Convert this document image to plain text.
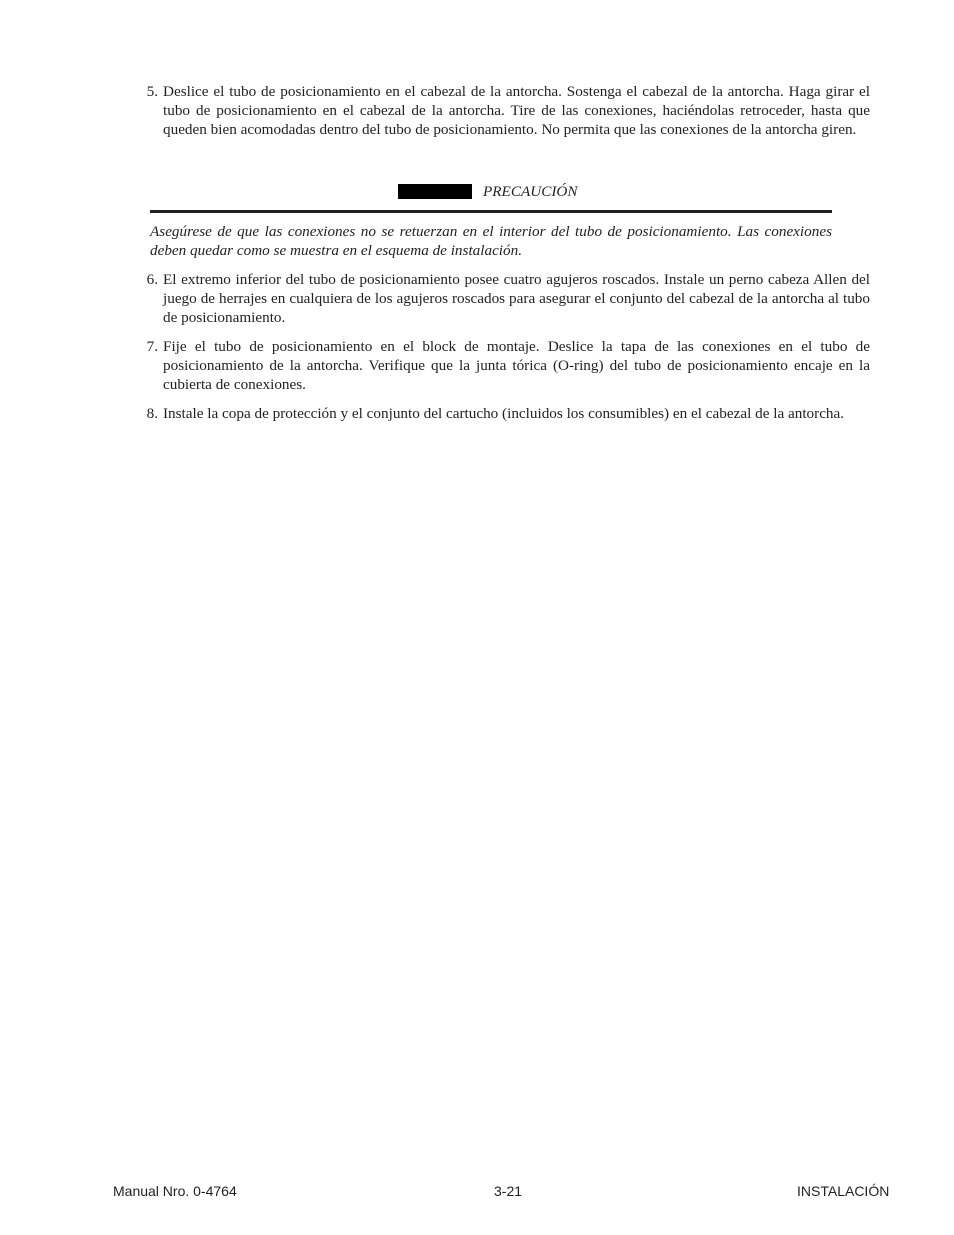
5. Deslice el tubo de posicionamiento en el cabezal de la antorcha. Sostenga el cabezal de la antorcha. Haga girar el tubo de posicionamiento en el cabezal de la antorcha. Tire de las conexiones, haciéndolas retroceder, hasta que queden bien acomodadas dentro del tubo de posicionamiento. No permita que las conexiones de la antorcha giren.
PRECAUCIÓN
Asegúrese de que las conexiones no se retuerzan en el interior del tubo de posicionamiento. Las conexiones deben quedar como se muestra en el esquema de instalación.
6. El extremo inferior del tubo de posicionamiento posee cuatro agujeros roscados. Instale un perno cabeza Allen del juego de herrajes en cualquiera de los agujeros roscados para asegurar el conjunto del cabezal de la antorcha al tubo de posicionamiento.
7. Fije el tubo de posicionamiento en el block de montaje. Deslice la tapa de las conexiones en el tubo de posicionamiento de la antorcha. Verifique que la junta tórica (O-ring) del tubo de posicionamiento encaje en la cubierta de conexiones.
8. Instale la copa de protección y el conjunto del cartucho (incluidos los consumibles) en el cabezal de la antorcha.
Manual Nro. 0-4764	3-21	INSTALACIÓN
